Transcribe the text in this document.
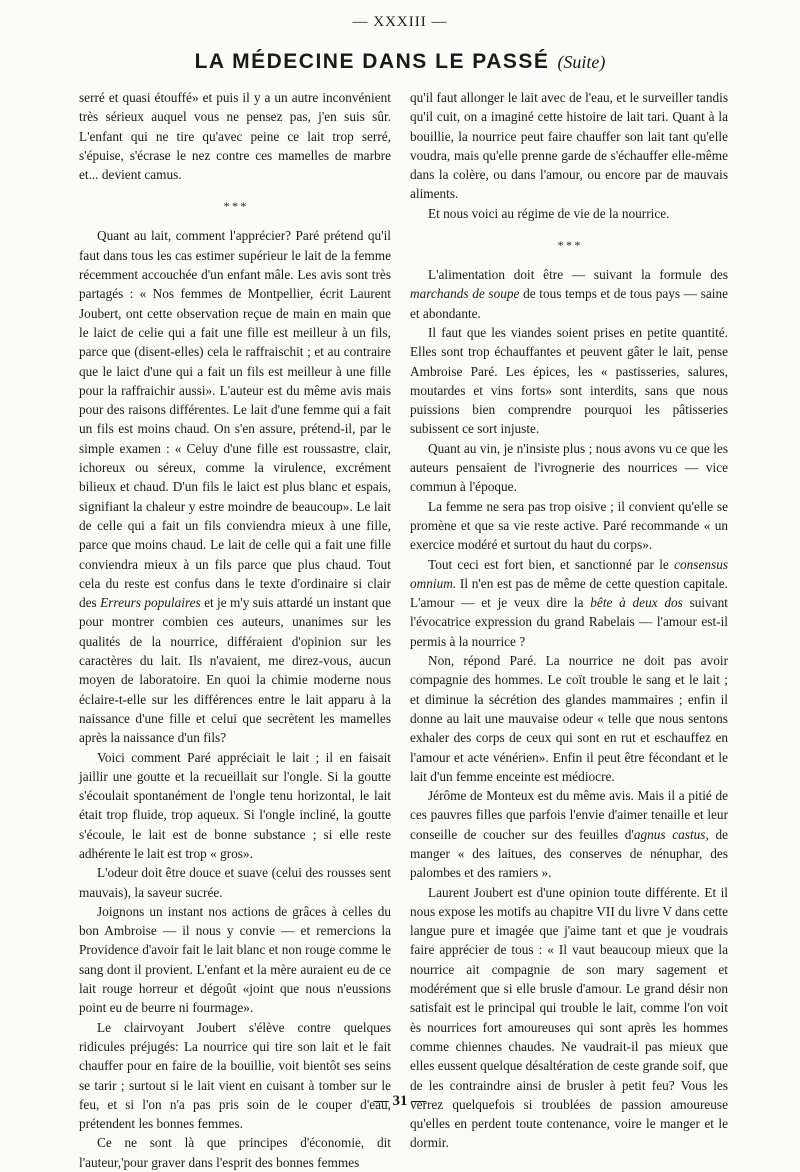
— XXXIII —
LA MÉDECINE DANS LE PASSÉ (Suite)

serré et quasi étouffé» et puis il y a un autre inconvénient très sérieux auquel vous ne pensez pas, j'en suis sûr. L'enfant qui ne tire qu'avec peine ce lait trop serré, s'épuise, s'écrase le nez contre ces mamelles de marbre et... devient camus.

* * *

Quant au lait, comment l'apprécier? Paré prétend qu'il faut dans tous les cas estimer supérieur le lait de la femme récemment accouchée d'un enfant mâle. Les avis sont très partagés : « Nos femmes de Montpellier, écrit Laurent Joubert, ont cette observation reçue de main en main que le laict de celie qui a fait une fille est meilleur à un fils, parce que (disent-elles) cela le raffraischit ; et au contraire que le laict d'une qui a fait un fils est meilleur à une fille pour la raffraichir aussi». L'auteur est du même avis mais pour des raisons différentes. Le lait d'une femme qui a fait un fils est moins chaud. On s'en assure, prétend-il, par le simple examen : « Celuy d'une fille est roussastre, clair, ichoreux ou séreux, comme la virulence, excrément bilieux et chaud. D'un fils le laict est plus blanc et espais, signifiant la chaleur y estre moindre de beaucoup». Le lait de celle qui a fait un fils conviendra mieux à une fille, parce que moins chaud. Le lait de celle qui a fait une fille conviendra mieux à un fils parce que plus chaud. Tout cela du reste est confus dans le texte d'ordinaire si clair des Erreurs populaires et je m'y suis attardé un instant que pour montrer combien ces auteurs, unanimes sur les qualités de la nourrice, différaient d'opinion sur les caractères du lait. Ils n'avaient, me direz-vous, aucun moyen de laboratoire. En quoi la chimie moderne nous éclaire-t-elle sur les différences entre le lait apparu à la naissance d'une fille et celui que secrètent les mamelles après la naissance d'un fils?

Voici comment Paré appréciait le lait ; il en faisait jaillir une goutte et la recueillait sur l'ongle. Si la goutte s'écoulait spontanément de l'ongle tenu horizontal, le lait était trop fluide, trop aqueux. Si l'ongle incliné, la goutte s'écoule, le lait est de bonne substance ; si elle reste adhérente le lait est trop « gros».

L'odeur doit être douce et suave (celui des rousses sent mauvais), la saveur sucrée.

Joignons un instant nos actions de grâces à celles du bon Ambroise — il nous y convie — et remercions la Providence d'avoir fait le lait blanc et non rouge comme le sang dont il provient. L'enfant et la mère auraient eu de ce lait rouge horreur et dégoût «joint que nous n'eussions point eu de beurre ni fourmage».

Le clairvoyant Joubert s'élève contre quelques ridicules préjugés: La nourrice qui tire son lait et le fait chauffer pour en faire de la bouillie, voit bientôt ses seins se tarir ; surtout si le lait vient en cuisant à tomber sur le feu, et si l'on n'a pas pris soin de le couper d'eau, prétendent les bonnes femmes.

Ce ne sont là que principes d'économie, dit l'auteur,'pour graver dans l'esprit des bonnes femmes

qu'il faut allonger le lait avec de l'eau, et le surveiller tandis qu'il cuit, on a imaginé cette histoire de lait tari. Quant à la bouillie, la nourrice peut faire chauffer son lait tant qu'elle voudra, mais qu'elle prenne garde de s'échauffer elle-même dans la colère, ou dans l'amour, ou encore par de mauvais aliments.

Et nous voici au régime de vie de la nourrice.

* * *

L'alimentation doit être — suivant la formule des marchands de soupe de tous temps et de tous pays — saine et abondante.

Il faut que les viandes soient prises en petite quantité. Elles sont trop échauffantes et peuvent gâter le lait, pense Ambroise Paré. Les épices, les « pastisseries, salures, moutardes et vins forts» sont interdits, sans que nous puissions bien comprendre pourquoi les pâtisseries subissent ce sort injuste.

Quant au vin, je n'insiste plus ; nous avons vu ce que les auteurs pensaient de l'ivrognerie des nourrices — vice commun à l'époque.

La femme ne sera pas trop oisive ; il convient qu'elle se promène et que sa vie reste active. Paré recommande « un exercice modéré et surtout du haut du corps».

Tout ceci est fort bien, et sanctionné par le consensus omnium. Il n'en est pas de même de cette question capitale. L'amour — et je veux dire la bête à deux dos suivant l'évocatrice expression du grand Rabelais — l'amour est-il permis à la nourrice ?

Non, répond Paré. La nourrice ne doit pas avoir compagnie des hommes. Le coït trouble le sang et le lait ; et diminue la sécrétion des glandes mammaires ; enfin il donne au lait une mauvaise odeur « telle que nous sentons exhaler des corps de ceux qui sont en rut et eschauffez en l'amour et acte vénérien». Enfin il peut être fécondant et le lait d'un femme enceinte est médiocre.

Jérôme de Monteux est du même avis. Mais il a pitié de ces pauvres filles que parfois l'envie d'aimer tenaille et leur conseille de coucher sur des feuilles d'agnus castus, de manger « des laitues, des conserves de nénuphar, des palombes et des ramiers ».

Laurent Joubert est d'une opinion toute différente. Et il nous expose les motifs au chapitre VII du livre V dans cette langue pure et imagée que j'aime tant et que je voudrais faire apprécier de tous : « Il vaut beaucoup mieux que la nourrice ait compagnie de son mary sagement et modérément que si elle brusle d'amour. Le grand désir non satisfait est le principal qui trouble le lait, comme l'on voit ès nourrices fort amoureuses qui sont après les hommes comme chiennes chaudes. Ne vaudrait-il pas mieux que elles eussent quelque désaltération de ceste grande soif, que de les contraindre ainsi de brusler à petit feu? Vous les verrez quelquefois si troublées de passion amoureuse qu'elles en perdent toute contenance, voire le manger et le dormir.

— 31 —
